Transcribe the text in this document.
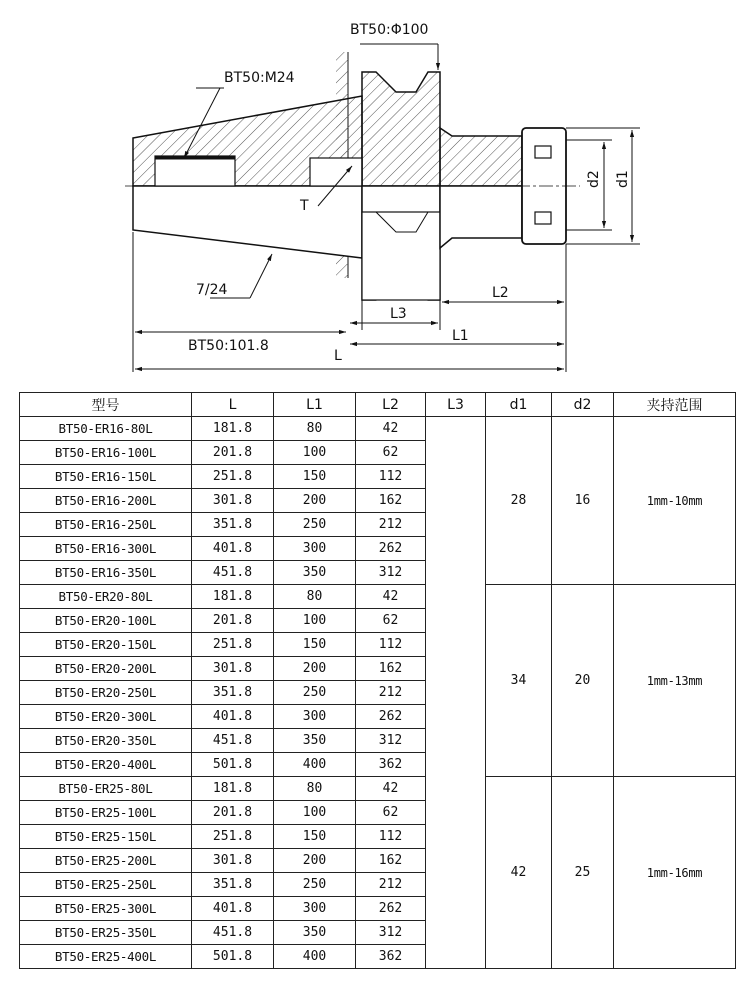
BT50:Φ100
BT50:M24
T
7/24
BT50:101.8
L
L1
L2
L3
d1
d2
型号	L	L1	L2	L3	d1	d2	夹持范围
BT50-ER16-80L	181.8	80	42		28	16	1mm-10mm
BT50-ER16-100L	201.8	100	62				
BT50-ER16-150L	251.8	150	112				
BT50-ER16-200L	301.8	200	162				
BT50-ER16-250L	351.8	250	212				
BT50-ER16-300L	401.8	300	262				
BT50-ER16-350L	451.8	350	312				
BT50-ER20-80L	181.8	80	42		34	20	1mm-13mm
BT50-ER20-100L	201.8	100	62				
BT50-ER20-150L	251.8	150	112				
BT50-ER20-200L	301.8	200	162				
BT50-ER20-250L	351.8	250	212				
BT50-ER20-300L	401.8	300	262				
BT50-ER20-350L	451.8	350	312				
BT50-ER20-400L	501.8	400	362				
BT50-ER25-80L	181.8	80	42		42	25	1mm-16mm
BT50-ER25-100L	201.8	100	62				
BT50-ER25-150L	251.8	150	112				
BT50-ER25-200L	301.8	200	162				
BT50-ER25-250L	351.8	250	212				
BT50-ER25-300L	401.8	300	262				
BT50-ER25-350L	451.8	350	312				
BT50-ER25-400L	501.8	400	362				
